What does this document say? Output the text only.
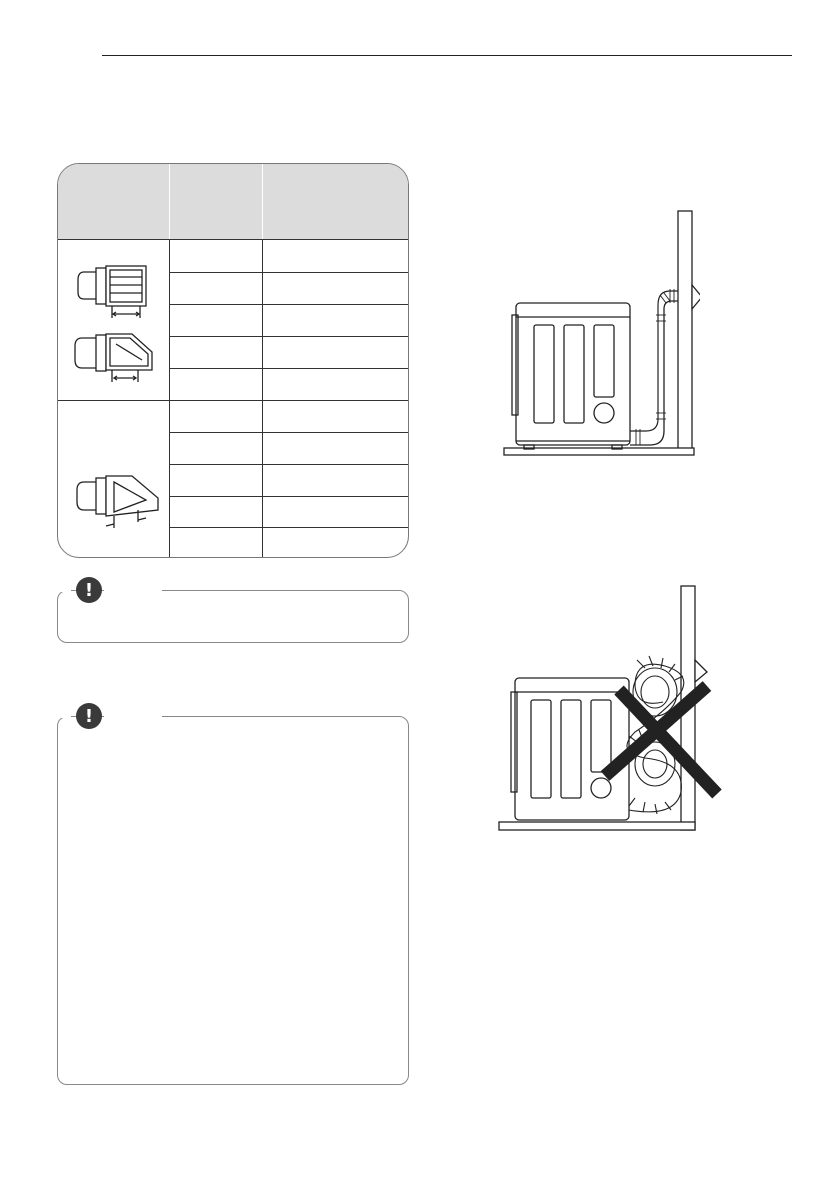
!
!
